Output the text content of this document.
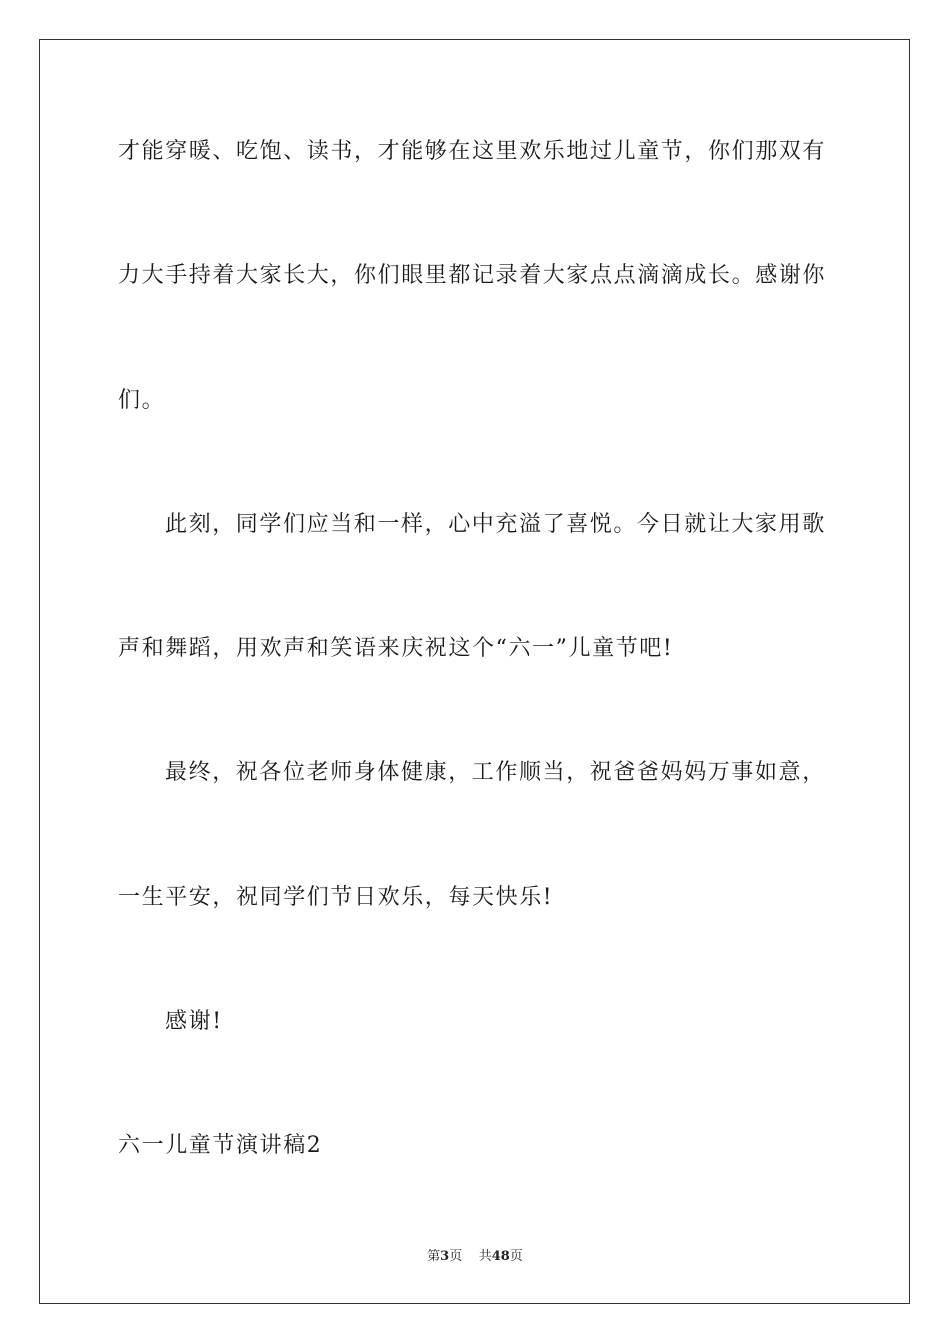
才能穿暖、吃饱、读书，才能够在这里欢乐地过儿童节，你们那双有
力大手持着大家长大，你们眼里都记录着大家点点滴滴成长。感谢你
们。
此刻，同学们应当和一样，心中充溢了喜悦。今日就让大家用歌
声和舞蹈，用欢声和笑语来庆祝这个“六一”儿童节吧!
最终，祝各位老师身体健康，工作顺当，祝爸爸妈妈万事如意，
一生平安，祝同学们节日欢乐，每天快乐!
感谢!
六一儿童节演讲稿2
第3页 共48页
